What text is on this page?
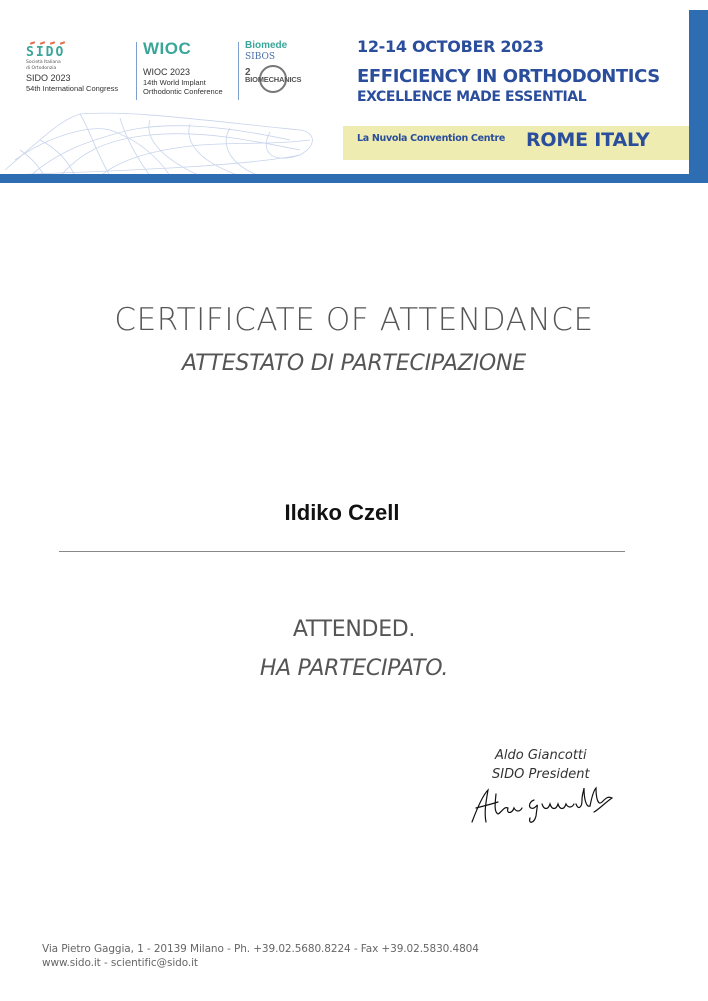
SIDO
Società Italiana
di Ortodonzia
SIDO 2023
54th International Congress
WIOC

WIOC 2023
14th World Implant
Orthodontic Conference
Biomede
SIBOS
2
BIOMECHANICS
12-14 OCTOBER 2023
EFFICIENCY IN ORTHODONTICS
EXCELLENCE MADE ESSENTIAL
La Nuvola Convention Centre ROME ITALY
CERTIFICATE OF ATTENDANCE
ATTESTATO DI PARTECIPAZIONE
Ildiko Czell
ATTENDED.
HA PARTECIPATO.
Aldo Giancotti
SIDO President
Via Pietro Gaggia, 1 - 20139 Milano - Ph. +39.02.5680.8224 - Fax +39.02.5830.4804
www.sido.it - scientific@sido.it
